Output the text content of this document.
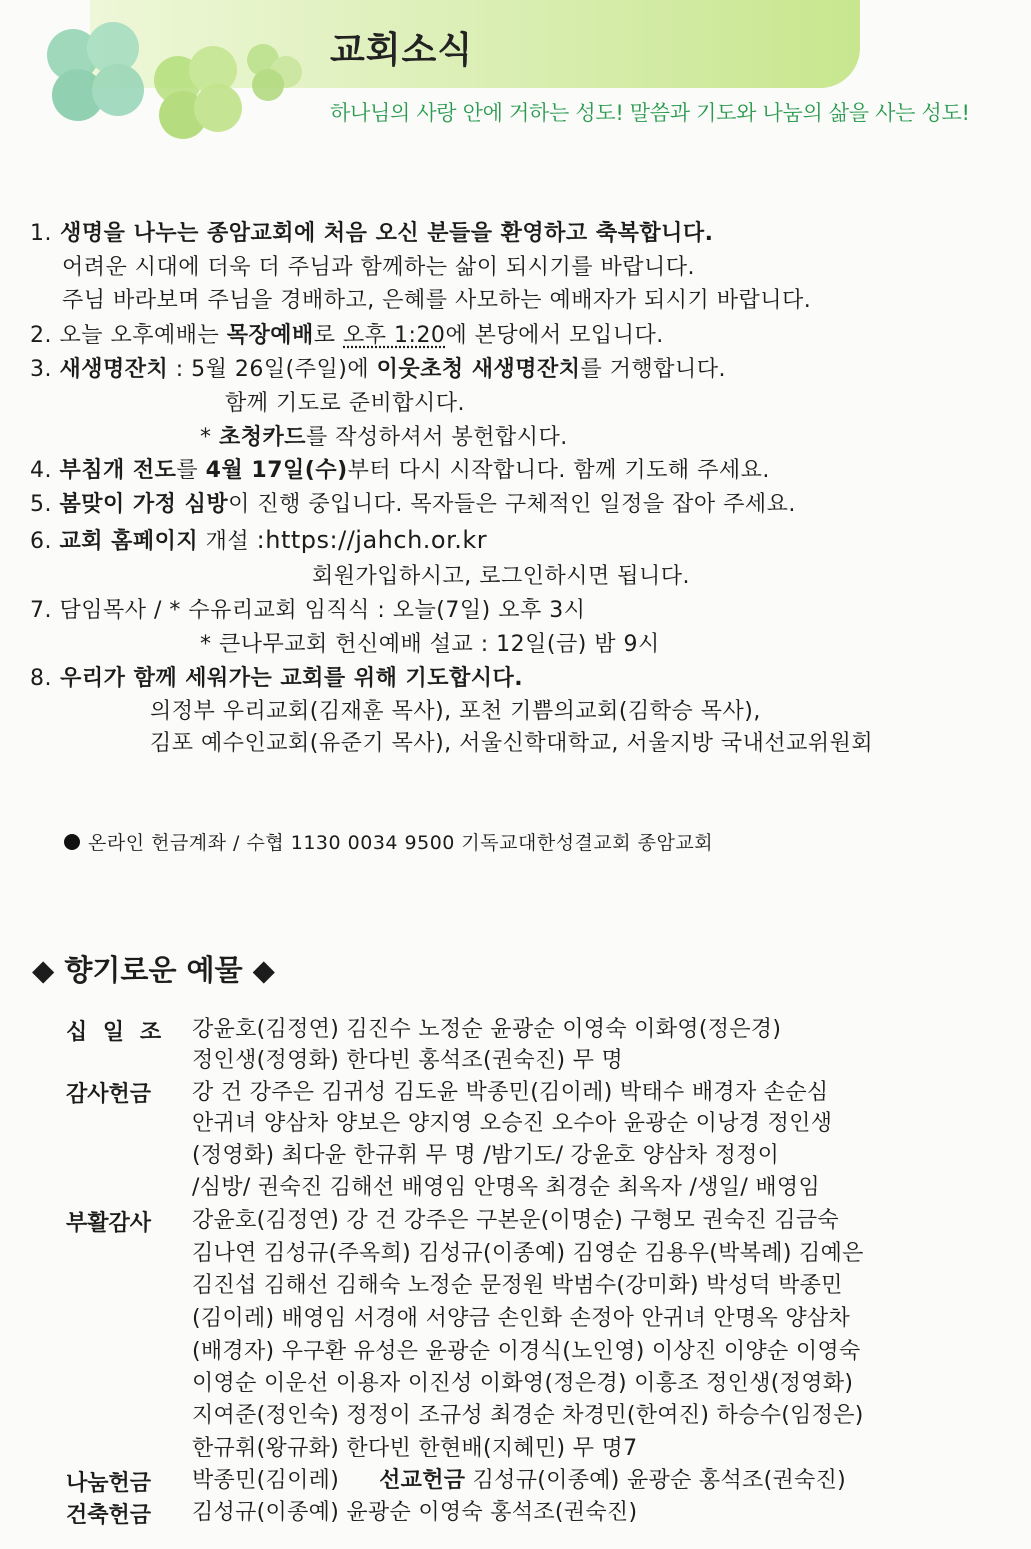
교회소식
하나님의 사랑 안에 거하는 성도! 말씀과 기도와 나눔의 삶을 사는 성도!
1. 생명을 나누는 종암교회에 처음 오신 분들을 환영하고 축복합니다.
어려운 시대에 더욱 더 주님과 함께하는 삶이 되시기를 바랍니다.
주님 바라보며 주님을 경배하고, 은혜를 사모하는 예배자가 되시기 바랍니다.
2. 오늘 오후예배는 목장예배로 오후 1:20에 본당에서 모입니다.
3. 새생명잔치 : 5월 26일(주일)에 이웃초청 새생명잔치를 거행합니다.
함께 기도로 준비합시다.
* 초청카드를 작성하셔서 봉헌합시다.
4. 부침개 전도를 4월 17일(수)부터 다시 시작합니다. 함께 기도해 주세요.
5. 봄맞이 가정 심방이 진행 중입니다. 목자들은 구체적인 일정을 잡아 주세요.
6. 교회 홈페이지 개설 :https://jahch.or.kr
회원가입하시고, 로그인하시면 됩니다.
7. 담임목사 / * 수유리교회 임직식 : 오늘(7일) 오후 3시
* 큰나무교회 헌신예배 설교 : 12일(금) 밤 9시
8. 우리가 함께 세워가는 교회를 위해 기도합시다.
의정부 우리교회(김재훈 목사), 포천 기쁨의교회(김학승 목사),
김포 예수인교회(유준기 목사), 서울신학대학교, 서울지방 국내선교위원회
온라인 헌금계좌 / 수협 1130 0034 9500 기독교대한성결교회 종암교회
◆ 향기로운 예물 ◆
십 일 조 강윤호(김정연) 김진수 노정순 윤광순 이영숙 이화영(정은경)
정인생(정영화) 한다빈 홍석조(권숙진) 무 명
감사헌금 강 건 강주은 김귀성 김도윤 박종민(김이레) 박태수 배경자 손순심
안귀녀 양삼차 양보은 양지영 오승진 오수아 윤광순 이낭경 정인생
(정영화) 최다윤 한규휘 무 명 /밤기도/ 강윤호 양삼차 정정이
/심방/ 권숙진 김해선 배영임 안명옥 최경순 최옥자 /생일/ 배영임
부활감사 강윤호(김정연) 강 건 강주은 구본운(이명순) 구형모 권숙진 김금숙
김나연 김성규(주옥희) 김성규(이종예) 김영순 김용우(박복례) 김예은
김진섭 김해선 김해숙 노정순 문정원 박범수(강미화) 박성덕 박종민
(김이레) 배영임 서경애 서양금 손인화 손정아 안귀녀 안명옥 양삼차
(배경자) 우구환 유성은 윤광순 이경식(노인영) 이상진 이양순 이영숙
이영순 이운선 이용자 이진성 이화영(정은경) 이흥조 정인생(정영화)
지여준(정인숙) 정정이 조규성 최경순 차경민(한여진) 하승수(임정은)
한규휘(왕규화) 한다빈 한현배(지혜민) 무 명7
나눔헌금 박종민(김이레) 선교헌금 김성규(이종예) 윤광순 홍석조(권숙진)
건축헌금 김성규(이종예) 윤광순 이영숙 홍석조(권숙진)
